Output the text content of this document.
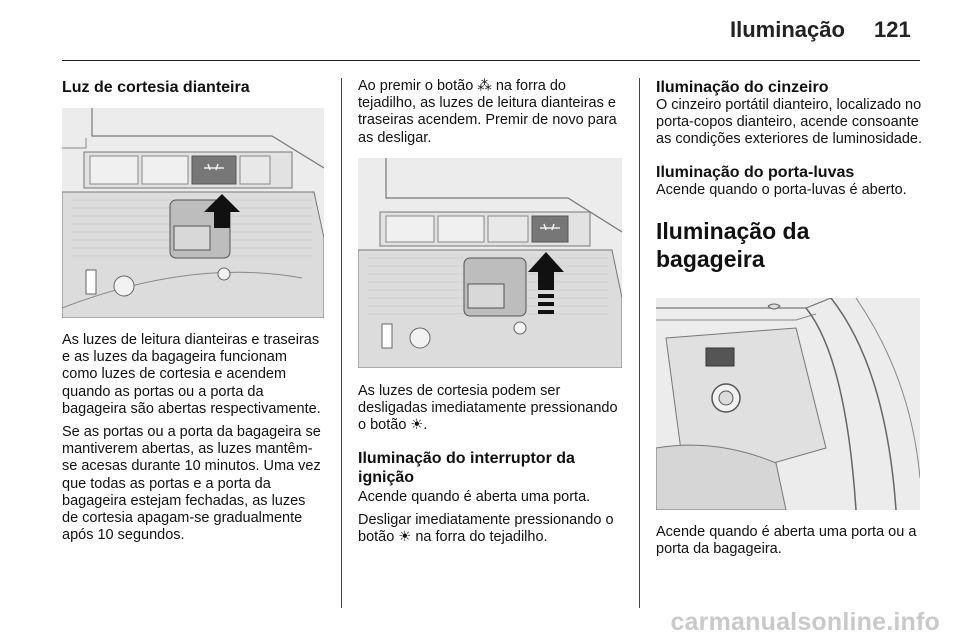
Iluminação 121
Luz de cortesia dianteira

As luzes de leitura dianteiras e traseiras e as luzes da bagageira funcionam como luzes de cortesia e acendem quando as portas ou a porta da bagageira são abertas respectivamente.

Se as portas ou a porta da bagageira se mantiverem abertas, as luzes mantêm-se acesas durante 10 minutos. Uma vez que todas as portas e a porta da bagageira estejam fechadas, as luzes de cortesia apagam-se gradualmente após 10 segundos.

Ao premir o botão ⁂ na forra do tejadilho, as luzes de leitura dianteiras e traseiras acendem. Premir de novo para as desligar.

As luzes de cortesia podem ser desligadas imediatamente pressionando o botão ☀.

Iluminação do interruptor da ignição

Acende quando é aberta uma porta.

Desligar imediatamente pressionando o botão ☀ na forra do tejadilho.

Iluminação do cinzeiro

O cinzeiro portátil dianteiro, localizado no porta-copos dianteiro, acende consoante as condições exteriores de luminosidade.

Iluminação do porta-luvas

Acende quando o porta-luvas é aberto.

Iluminação da bagageira

Acende quando é aberta uma porta ou a porta da bagageira.

carmanualsonline.info
